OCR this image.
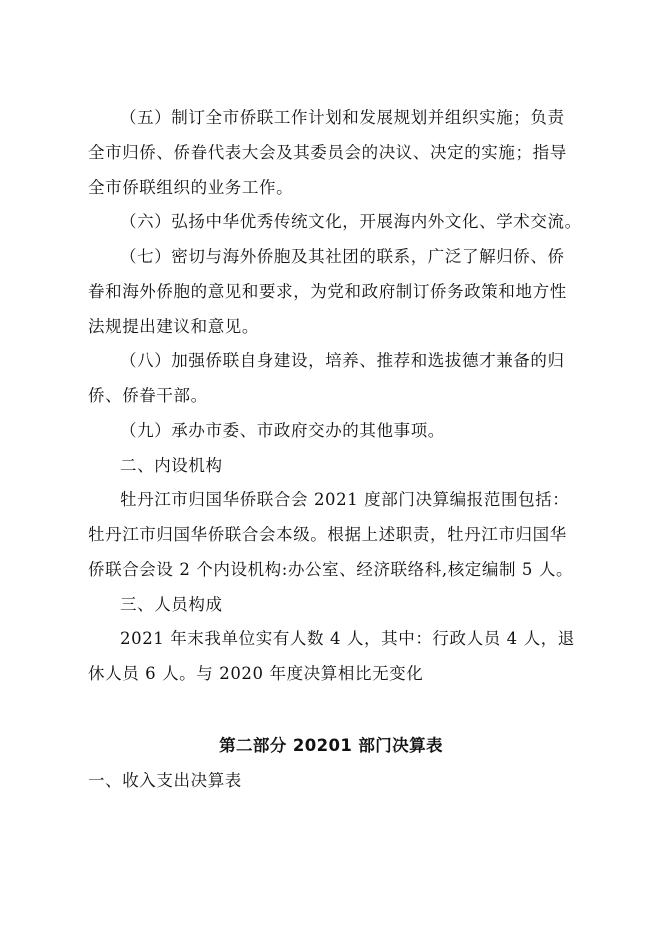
（五）制订全市侨联工作计划和发展规划并组织实施；负责
全市归侨、侨眷代表大会及其委员会的决议、决定的实施；指导
全市侨联组织的业务工作。
（六）弘扬中华优秀传统文化，开展海内外文化、学术交流。
（七）密切与海外侨胞及其社团的联系，广泛了解归侨、侨
眷和海外侨胞的意见和要求，为党和政府制订侨务政策和地方性
法规提出建议和意见。
（八）加强侨联自身建设，培养、推荐和选拔德才兼备的归
侨、侨眷干部。
（九）承办市委、市政府交办的其他事项。
二、内设机构
牡丹江市归国华侨联合会 2021 度部门决算编报范围包括：
牡丹江市归国华侨联合会本级。根据上述职责，牡丹江市归国华
侨联合会设 2 个内设机构:办公室、经济联络科,核定编制 5 人。
三、人员构成
2021 年末我单位实有人数 4 人，其中：行政人员 4 人，退
休人员 6 人。与 2020 年度决算相比无变化
第二部分 20201 部门决算表
一、收入支出决算表
